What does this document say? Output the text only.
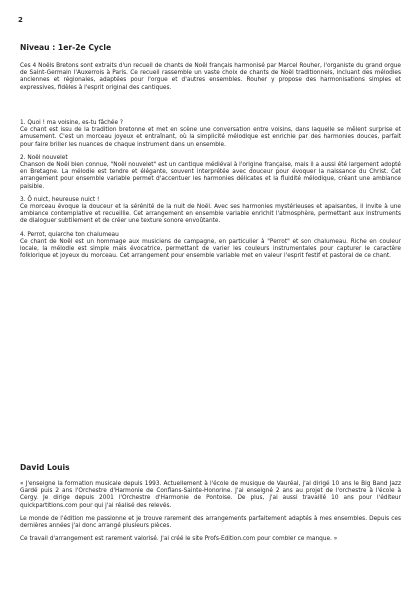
2
Niveau : 1er-2e Cycle

Ces 4 Noëls Bretons sont extraits d'un recueil de chants de Noël français harmonisé par Marcel Rouher, l'organiste du grand orgue de Saint-Germain l'Auxerrois à Paris. Ce recueil rassemble un vaste choix de chants de Noël traditionnels, incluant des mélodies anciennes et régionales, adaptées pour l'orgue et d'autres ensembles. Rouher y propose des harmonisations simples et expressives, fidèles à l'esprit original des cantiques.

1. Quoi ! ma voisine, es-tu fâchée ?
Ce chant est issu de la tradition bretonne et met en scène une conversation entre voisins, dans laquelle se mêlent surprise et amusement. C'est un morceau joyeux et entraînant, où la simplicité mélodique est enrichie par des harmonies douces, parfait pour faire briller les nuances de chaque instrument dans un ensemble.
2. Noël nouvelet
Chanson de Noël bien connue, "Noël nouvelet" est un cantique médiéval à l'origine française, mais il a aussi été largement adopté en Bretagne. La mélodie est tendre et élégante, souvent interprétée avec douceur pour évoquer la naissance du Christ. Cet arrangement pour ensemble variable permet d'accentuer les harmonies délicates et la fluidité mélodique, créant une ambiance paisible.
3. Ô nuict, heureuse nuict !
Ce morceau évoque la douceur et la sérénité de la nuit de Noël. Avec ses harmonies mystérieuses et apaisantes, il invite à une ambiance contemplative et recueillie. Cet arrangement en ensemble variable enrichit l'atmosphère, permettant aux instruments de dialoguer subtilement et de créer une texture sonore envoûtante.
4. Perrot, quiarche ton chalumeau
Ce chant de Noël est un hommage aux musiciens de campagne, en particulier à "Perrot" et son chalumeau. Riche en couleur locale, la mélodie est simple mais évocatrice, permettant de varier les couleurs instrumentales pour capturer le caractère folklorique et joyeux du morceau. Cet arrangement pour ensemble variable met en valeur l'esprit festif et pastoral de ce chant.
David Louis

« J'enseigne la formation musicale depuis 1993. Actuellement à l'école de musique de Vauréal, j'ai dirigé 10 ans le Big Band Jazz Gardé puis 2 ans l'Orchestre d'Harmonie de Conflans-Sainte-Honorine. J'ai enseigné 2 ans au projet de l'orchestre à l'école à Cergy. Je dirige depuis 2001 l'Orchestre d'Harmonie de Pontoise. De plus, j'ai aussi travaillé 10 ans pour l'éditeur quickpartitions.com pour qui j'ai réalisé des relevés.

Le monde de l'édition me passionne et je trouve rarement des arrangements parfaitement adaptés à mes ensembles. Depuis ces dernières années j'ai donc arrangé plusieurs pièces.

Ce travail d'arrangement est rarement valorisé. J'ai créé le site Profs-Edition.com pour combler ce manque. »
